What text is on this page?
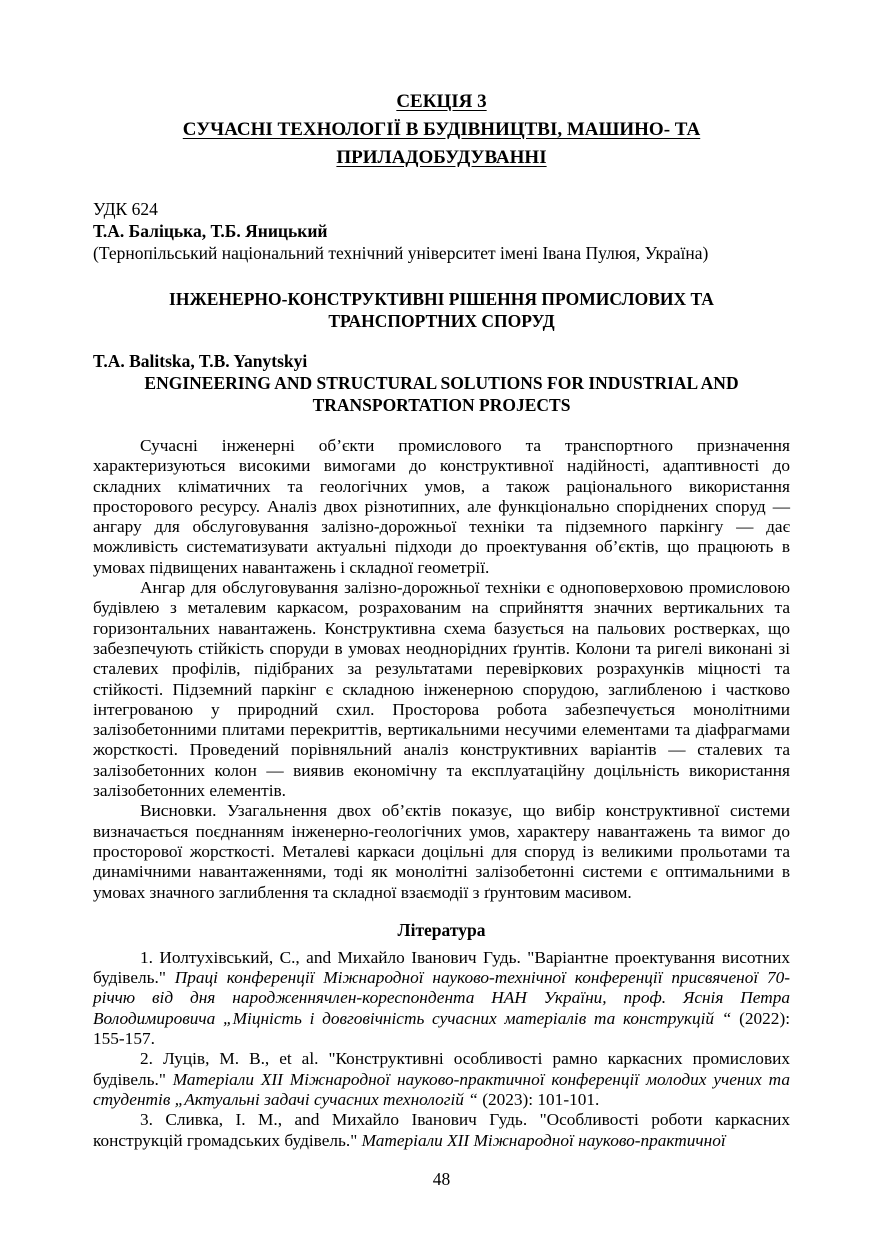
СЕКЦІЯ 3
СУЧАСНІ ТЕХНОЛОГІЇ В БУДІВНИЦТВІ, МАШИНО- ТА ПРИЛАДОБУДУВАННІ
УДК 624
Т.А. Баліцька, Т.Б. Яницький
(Тернопільський національний технічний університет імені Івана Пулюя, Україна)
ІНЖЕНЕРНО-КОНСТРУКТИВНІ РІШЕННЯ ПРОМИСЛОВИХ ТА ТРАНСПОРТНИХ СПОРУД
T.A. Balitska, T.B. Yanytskyi
ENGINEERING AND STRUCTURAL SOLUTIONS FOR INDUSTRIAL AND TRANSPORTATION PROJECTS

Сучасні інженерні об’єкти промислового та транспортного призначення характеризуються високими вимогами до конструктивної надійності, адаптивності до складних кліматичних та геологічних умов, а також раціонального використання просторового ресурсу. Аналіз двох різнотипних, але функціонально споріднених споруд — ангару для обслуговування залізно-дорожньої техніки та підземного паркінгу — дає можливість систематизувати актуальні підходи до проектування об’єктів, що працюють в умовах підвищених навантажень і складної геометрії.

Ангар для обслуговування залізно-дорожньої техніки є одноповерховою промисловою будівлею з металевим каркасом, розрахованим на сприйняття значних вертикальних та горизонтальних навантажень. Конструктивна схема базується на пальових ростверках, що забезпечують стійкість споруди в умовах неоднорідних ґрунтів. Колони та ригелі виконані зі сталевих профілів, підібраних за результатами перевіркових розрахунків міцності та стійкості. Підземний паркінг є складною інженерною спорудою, заглибленою і частково інтегрованою у природний схил. Просторова робота забезпечується монолітними залізобетонними плитами перекриттів, вертикальними несучими елементами та діафрагмами жорсткості. Проведений порівняльний аналіз конструктивних варіантів — сталевих та залізобетонних колон — виявив економічну та експлуатаційну доцільність використання залізобетонних елементів.

Висновки. Узагальнення двох об’єктів показує, що вибір конструктивної системи визначається поєднанням інженерно-геологічних умов, характеру навантажень та вимог до просторової жорсткості. Металеві каркаси доцільні для споруд із великими прольотами та динамічними навантаженнями, тоді як монолітні залізобетонні системи є оптимальними в умовах значного заглиблення та складної взаємодії з ґрунтовим масивом.

Література

1. Иолтухівський, С., and Михайло Іванович Гудь. "Варіантне проектування висотних будівель." Праці конференції Міжнародної науково-технічної конференції присвяченої 70-річчю від дня народженнячлен-кореспондента НАН України, проф. Яснія Петра Володимировича „Міцність і довговічність сучасних матеріалів та конструкцій “ (2022): 155-157.

2. Луців, М. В., et al. "Конструктивні особливості рамно каркасних промислових будівель." Матеріали XII Міжнародної науково-практичної конференції молодих учених та студентів „Актуальні задачі сучасних технологій “ (2023): 101-101.

3. Сливка, І. М., and Михайло Іванович Гудь. "Особливості роботи каркасних конструкцій громадських будівель." Матеріали XII Міжнародної науково-практичної

48
